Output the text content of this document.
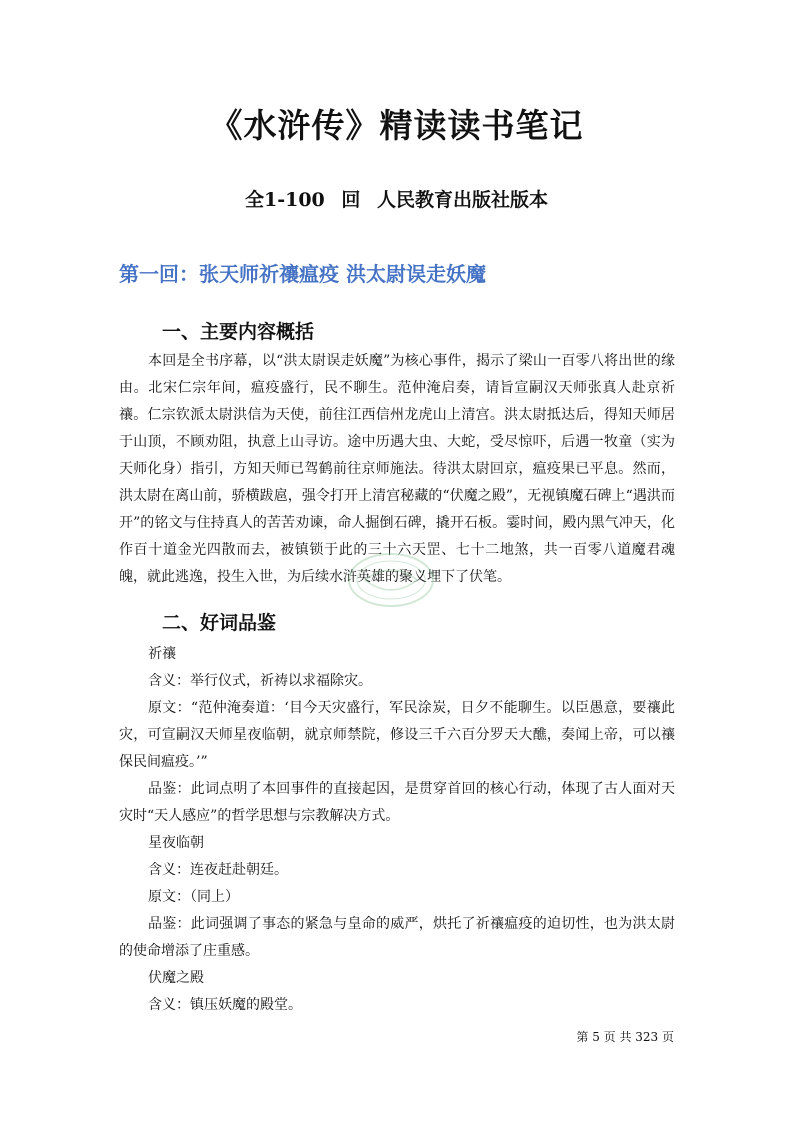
《水浒传》精读读书笔记

全1-100 回 人民教育出版社版本

第一回：张天师祈禳瘟疫 洪太尉误走妖魔
一、主要内容概括

本回是全书序幕，以“洪太尉误走妖魔”为核心事件，揭示了梁山一百零八将出世的缘由。北宋仁宗年间，瘟疫盛行，民不聊生。范仲淹启奏，请旨宣嗣汉天师张真人赴京祈禳。仁宗钦派太尉洪信为天使，前往江西信州龙虎山上清宫。洪太尉抵达后，得知天师居于山顶，不顾劝阻，执意上山寻访。途中历遇大虫、大蛇，受尽惊吓，后遇一牧童（实为天师化身）指引，方知天师已驾鹤前往京师施法。待洪太尉回京，瘟疫果已平息。然而，洪太尉在离山前，骄横跋扈，强令打开上清宫秘藏的“伏魔之殿”，无视镇魔石碑上“遇洪而开”的铭文与住持真人的苦苦劝谏，命人掘倒石碑，撬开石板。霎时间，殿内黑气冲天，化作百十道金光四散而去，被镇锁于此的三十六天罡、七十二地煞，共一百零八道魔君魂魄，就此逃逸，投生入世，为后续水浒英雄的聚义埋下了伏笔。

二、好词品鉴

祈禳

含义：举行仪式，祈祷以求福除灾。

原文：“范仲淹奏道：‘目今天灾盛行，军民涂炭，日夕不能聊生。以臣愚意，要禳此灾，可宣嗣汉天师星夜临朝，就京师禁院，修设三千六百分罗天大醮，奏闻上帝，可以禳保民间瘟疫。’”

品鉴：此词点明了本回事件的直接起因，是贯穿首回的核心行动，体现了古人面对天灾时“天人感应”的哲学思想与宗教解决方式。

星夜临朝

含义：连夜赶赴朝廷。

原文：（同上）

品鉴：此词强调了事态的紧急与皇命的威严，烘托了祈禳瘟疫的迫切性，也为洪太尉的使命增添了庄重感。

伏魔之殿

含义：镇压妖魔的殿堂。

第 5 页 共 323 页
